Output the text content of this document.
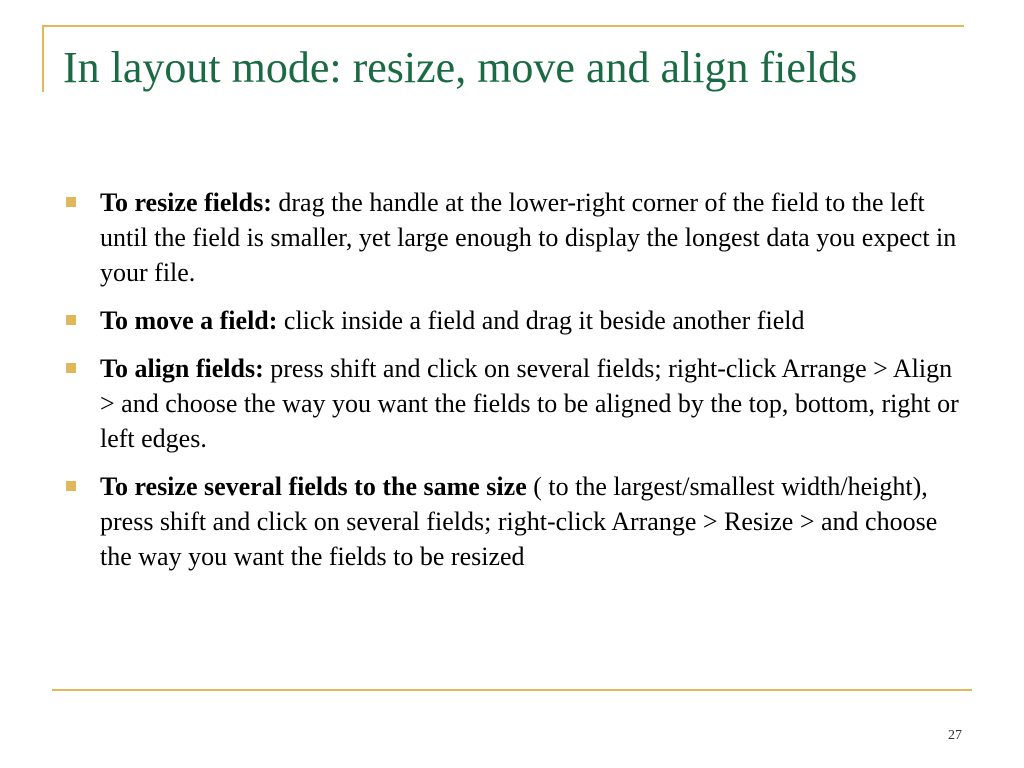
In layout mode: resize, move and align fields
To resize fields: drag the handle at the lower-right corner of the field to the left until the field is smaller, yet large enough to display the longest data you expect in your file.
To move a field: click inside a field and drag it beside another field
To align fields: press shift and click on several fields; right-click Arrange > Align > and choose the way you want the fields to be aligned by the top, bottom, right or left edges.
To resize several fields to the same size ( to the largest/smallest width/height), press shift and click on several fields; right-click Arrange > Resize > and choose the way you want the fields to be resized
27
